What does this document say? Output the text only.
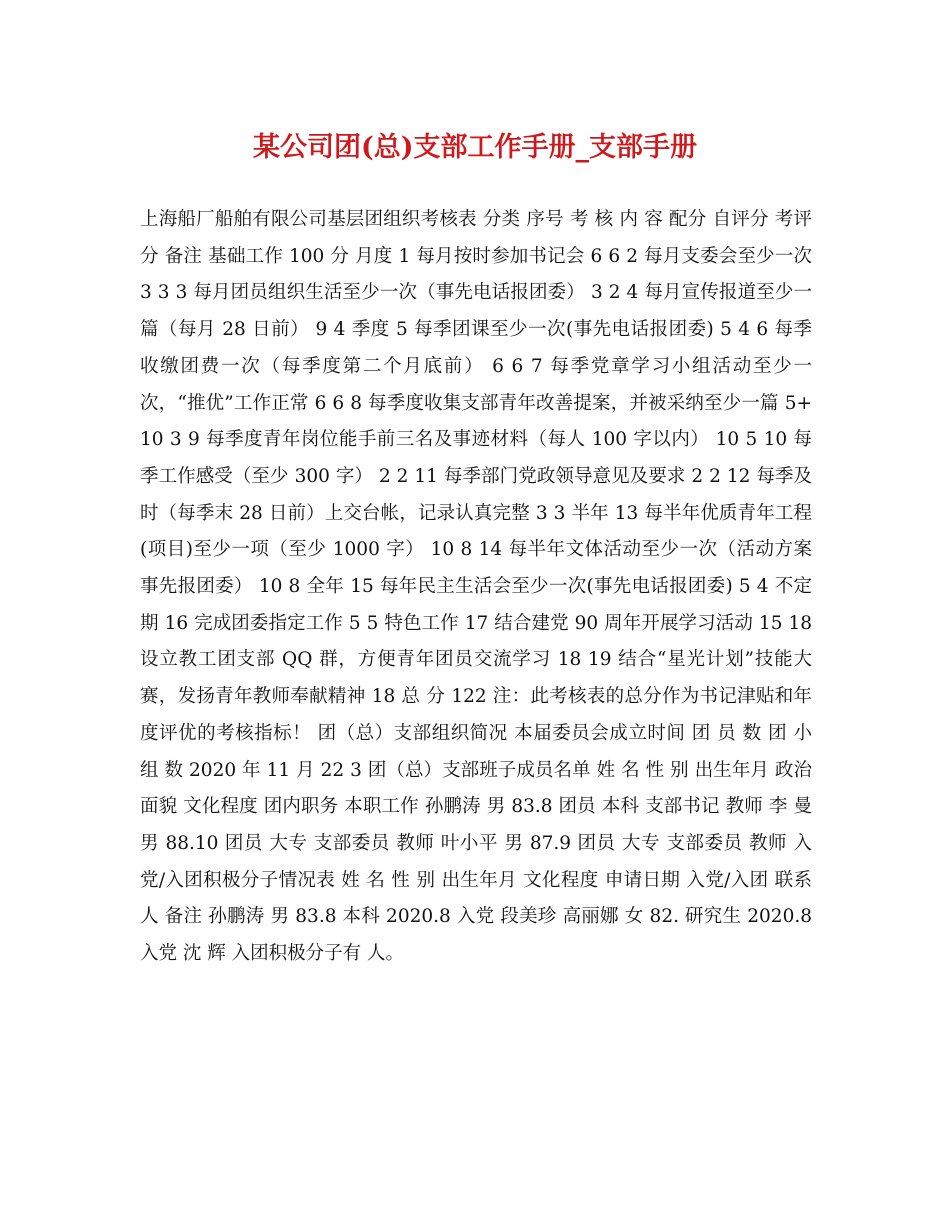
某公司团(总)支部工作手册_支部手册

上海船厂船舶有限公司基层团组织考核表 分类 序号 考 核 内 容 配分 自评分 考评分 备注 基础工作 100 分 月度 1 每月按时参加书记会 6 6 2 每月支委会至少一次 3 3 3 每月团员组织生活至少一次（事先电话报团委） 3 2 4 每月宣传报道至少一篇（每月 28 日前） 9 4 季度 5 每季团课至少一次(事先电话报团委) 5 4 6 每季收缴团费一次（每季度第二个月底前） 6 6 7 每季党章学习小组活动至少一次，“推优”工作正常 6 6 8 每季度收集支部青年改善提案，并被采纳至少一篇 5+10 3 9 每季度青年岗位能手前三名及事迹材料（每人 100 字以内） 10 5 10 每季工作感受（至少 300 字） 2 2 11 每季部门党政领导意见及要求 2 2 12 每季及时（每季末 28 日前）上交台帐，记录认真完整 3 3 半年 13 每半年优质青年工程(项目)至少一项（至少 1000 字） 10 8 14 每半年文体活动至少一次（活动方案事先报团委） 10 8 全年 15 每年民主生活会至少一次(事先电话报团委) 5 4 不定期 16 完成团委指定工作 5 5 特色工作 17 结合建党 90 周年开展学习活动 15 18 设立教工团支部 QQ 群，方便青年团员交流学习 18 19 结合“星光计划”技能大赛，发扬青年教师奉献精神 18 总 分 122 注：此考核表的总分作为书记津贴和年度评优的考核指标！ 团（总）支部组织简况 本届委员会成立时间 团 员 数 团 小 组 数 2020 年 11 月 22 3 团（总）支部班子成员名单 姓 名 性 别 出生年月 政治面貌 文化程度 团内职务 本职工作 孙鹏涛 男 83.8 团员 本科 支部书记 教师 李 曼 男 88.10 团员 大专 支部委员 教师 叶小平 男 87.9 团员 大专 支部委员 教师 入党/入团积极分子情况表 姓 名 性 别 出生年月 文化程度 申请日期 入党/入团 联系人 备注 孙鹏涛 男 83.8 本科 2020.8 入党 段美珍 高丽娜 女 82. 研究生 2020.8 入党 沈 辉 入团积极分子有 人。
